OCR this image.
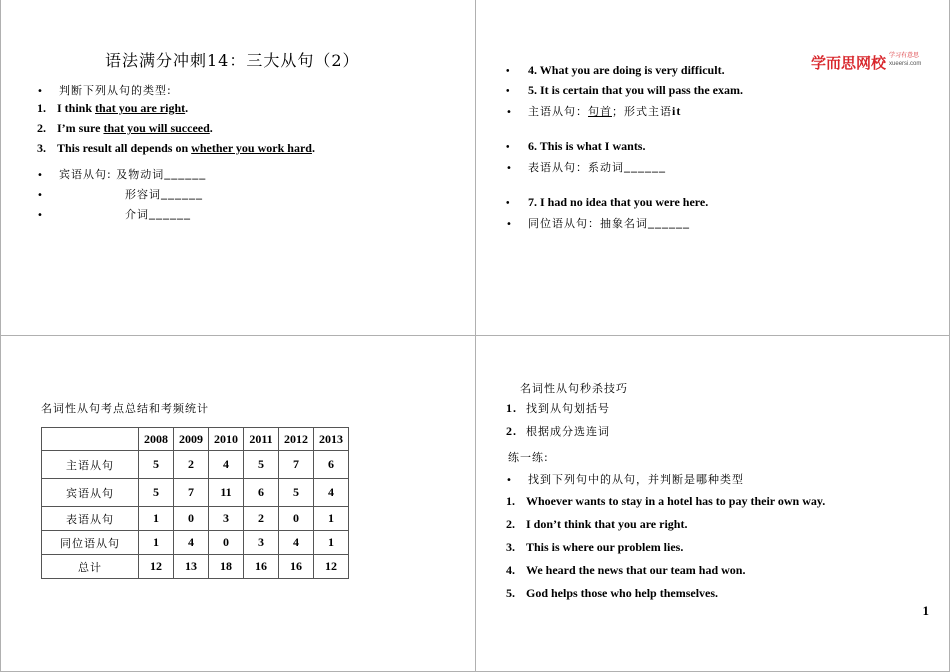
语法满分冲刺14：三大从句（2）
• 判断下列从句的类型:
1. I think that you are right.
2. I’m sure that you will succeed.
3. This result all depends on whether you work hard.
• 宾语从句: 及物动词______
•	形容词______
•	介词______
学而思网校 学习有意思
xueersi.com
• 4. What you are doing is very difficult.
• 5. It is certain that you will pass the exam.
• 主语从句：句首；形式主语it
• 6. This is what I wants.
• 表语从句：系动词______
• 7. I had no idea that you were here.
• 同位语从句：抽象名词______
名词性从句考点总结和考频统计
	2008	2009	2010	2011	2012	2013
主语从句	5	2	4	5	7	6
宾语从句	5	7	11	6	5	4
表语从句	1	0	3	2	0	1
同位语从句	1	4	0	3	4	1
总计	12	13	18	16	16	12
名词性从句秒杀技巧
1. 找到从句划括号
2. 根据成分选连词
练一练:
• 找到下列句中的从句，并判断是哪种类型
1. Whoever wants to stay in a hotel has to pay their own way.
2. I don’t think that you are right.
3. This is where our problem lies.
4. We heard the news that our team had won.
5. God helps those who help themselves.
1
